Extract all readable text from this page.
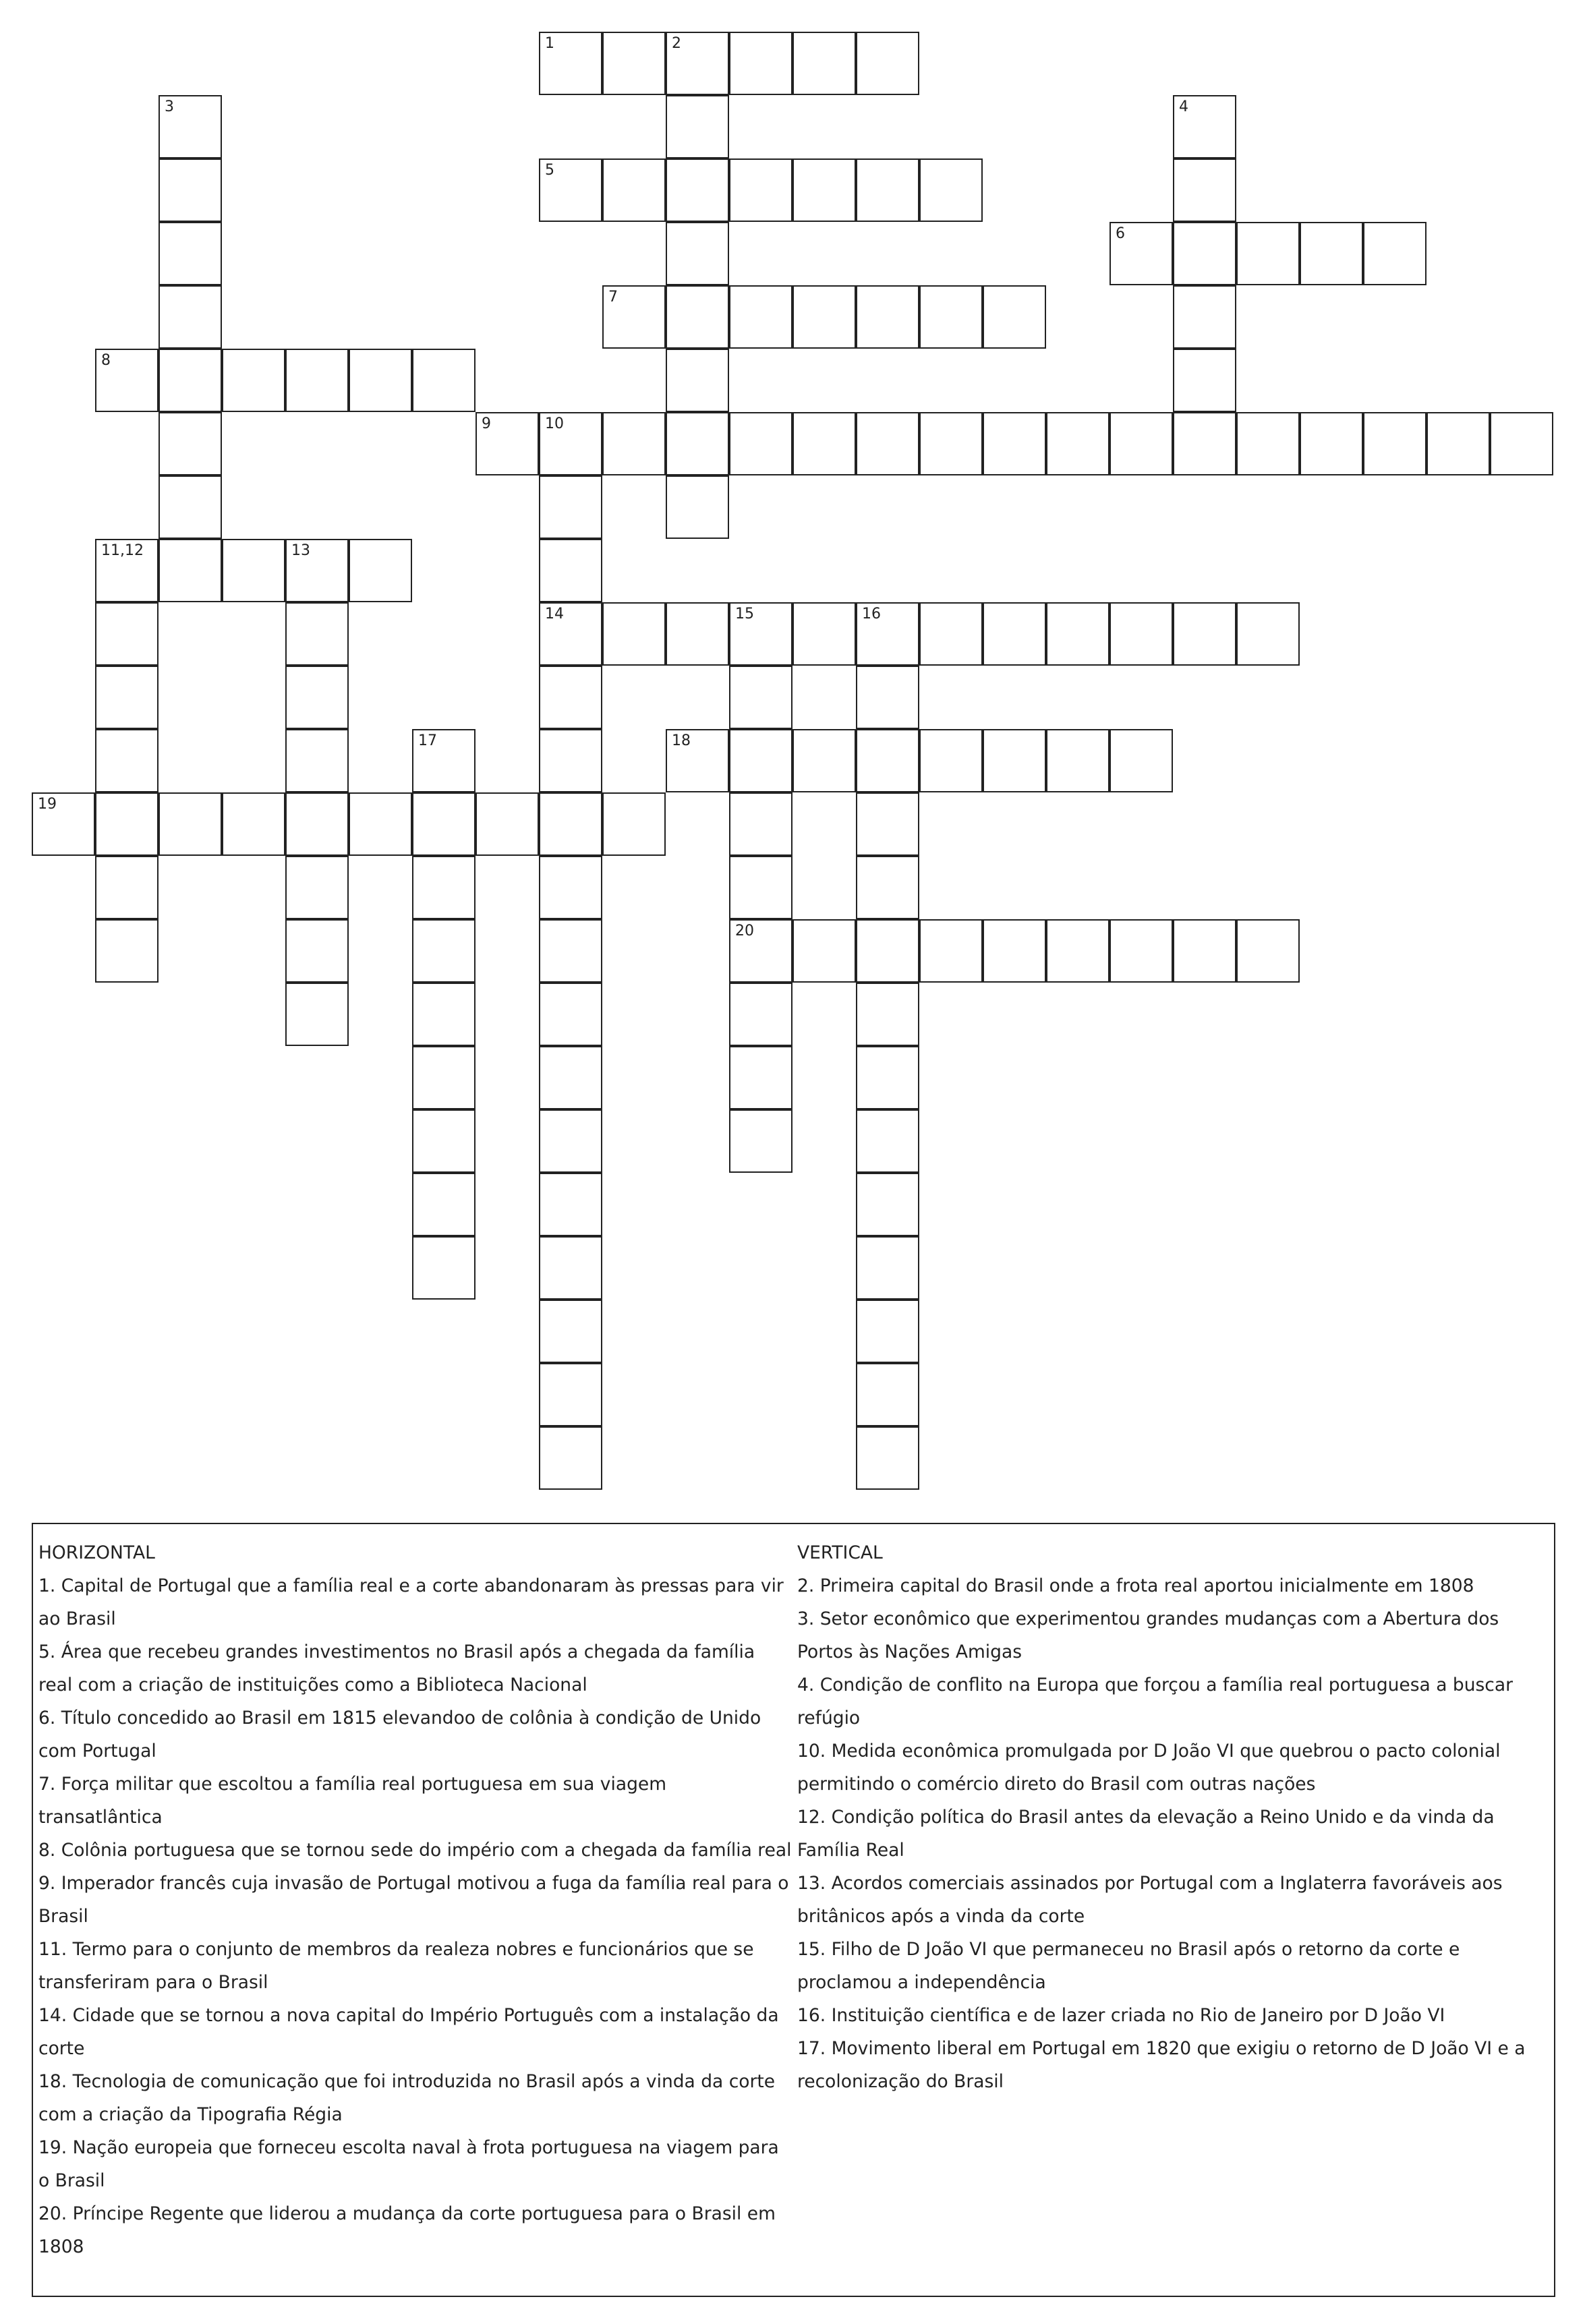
1	2
3	4
5
6
7
8
9	10
14
11,12	13
15	16
20
17	18
19
HORIZONTAL
1. Capital de Portugal que a família real e a corte abandonaram às pressas para vir ao Brasil
5. Área que recebeu grandes investimentos no Brasil após a chegada da família real com a criação de instituições como a Biblioteca Nacional
6. Título concedido ao Brasil em 1815 elevandoo de colônia à condição de Unido com Portugal
7. Força militar que escoltou a família real portuguesa em sua viagem transatlântica
8. Colônia portuguesa que se tornou sede do império com a chegada da família real
9. Imperador francês cuja invasão de Portugal motivou a fuga da família real para o Brasil
11. Termo para o conjunto de membros da realeza nobres e funcionários que se transferiram para o Brasil
14. Cidade que se tornou a nova capital do Império Português com a instalação da corte
18. Tecnologia de comunicação que foi introduzida no Brasil após a vinda da corte com a criação da Tipografia Régia
19. Nação europeia que forneceu escolta naval à frota portuguesa na viagem para o Brasil
20. Príncipe Regente que liderou a mudança da corte portuguesa para o Brasil em 1808
VERTICAL
2. Primeira capital do Brasil onde a frota real aportou inicialmente em 1808
3. Setor econômico que experimentou grandes mudanças com a Abertura dos Portos às Nações Amigas
4. Condição de conflito na Europa que forçou a família real portuguesa a buscar refúgio
10. Medida econômica promulgada por D João VI que quebrou o pacto colonial permitindo o comércio direto do Brasil com outras nações
12. Condição política do Brasil antes da elevação a Reino Unido e da vinda da Família Real
13. Acordos comerciais assinados por Portugal com a Inglaterra favoráveis aos britânicos após a vinda da corte
15. Filho de D João VI que permaneceu no Brasil após o retorno da corte e proclamou a independência
16. Instituição científica e de lazer criada no Rio de Janeiro por D João VI
17. Movimento liberal em Portugal em 1820 que exigiu o retorno de D João VI e a recolonização do Brasil
